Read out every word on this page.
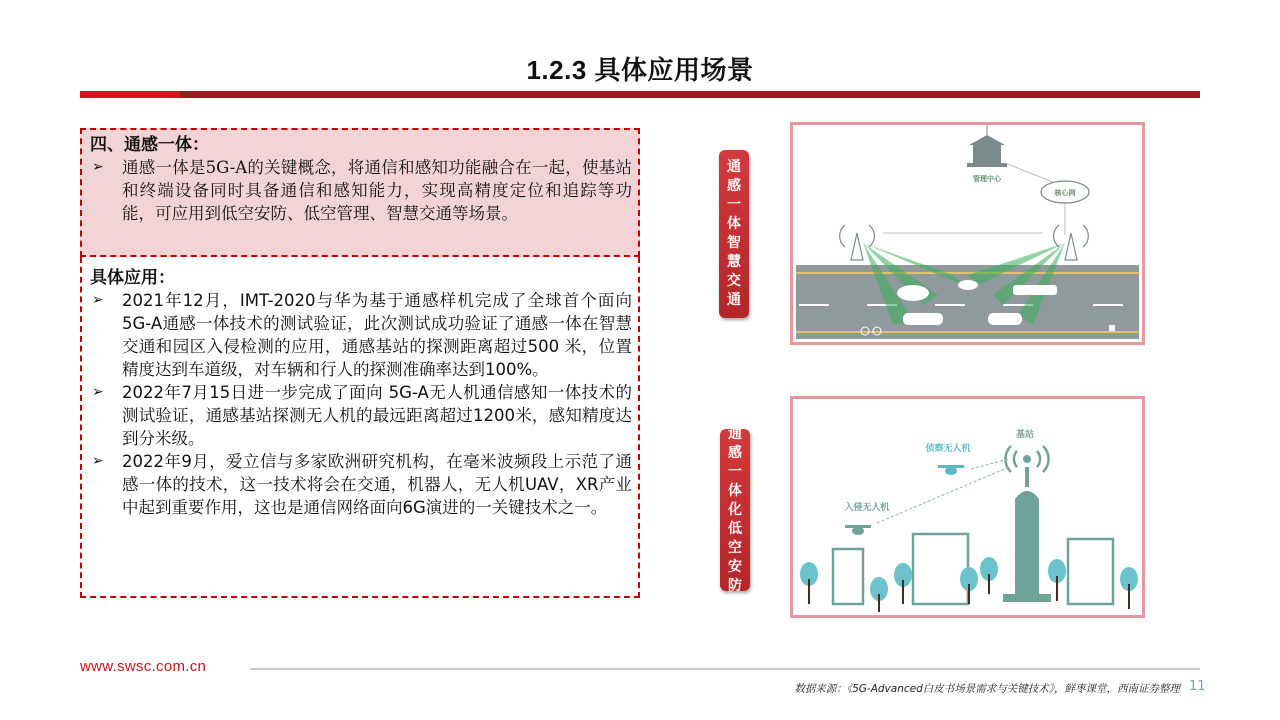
1.2.3 具体应用场景
四、通感一体：
➢ 通感一体是5G-A的关键概念，将通信和感知功能融合在一起，使基站和终端设备同时具备通信和感知能力，实现高精度定位和追踪等功能，可应用到低空安防、低空管理、智慧交通等场景。
具体应用：
➢ 2021年12月，IMT-2020与华为基于通感样机完成了全球首个面向5G-A通感一体技术的测试验证，此次测试成功验证了通感一体在智慧交通和园区入侵检测的应用，通感基站的探测距离超过500 米，位置精度达到车道级，对车辆和行人的探测准确率达到100%。
➢ 2022年7月15日进一步完成了面向 5G-A无人机通信感知一体技术的测试验证，通感基站探测无人机的最远距离超过1200米，感知精度达 到分米级。
➢ 2022年9月，爱立信与多家欧洲研究机构，在毫米波频段上示范了通感一体的技术，这一技术将会在交通，机器人，无人机UAV，XR产业中起到重要作用，这也是通信网络面向6G演进的一关键技术之一。
通
感
一
体
智
慧
交
通
管理中心
核心网
通
感
一
体
化
低
空
安
防
基站
侦察无人机
入侵无人机
www.swsc.com.cn
数据来源：《5G-Advanced白皮书场景需求与关键技术》，鲜枣课堂，西南证券整理 11
